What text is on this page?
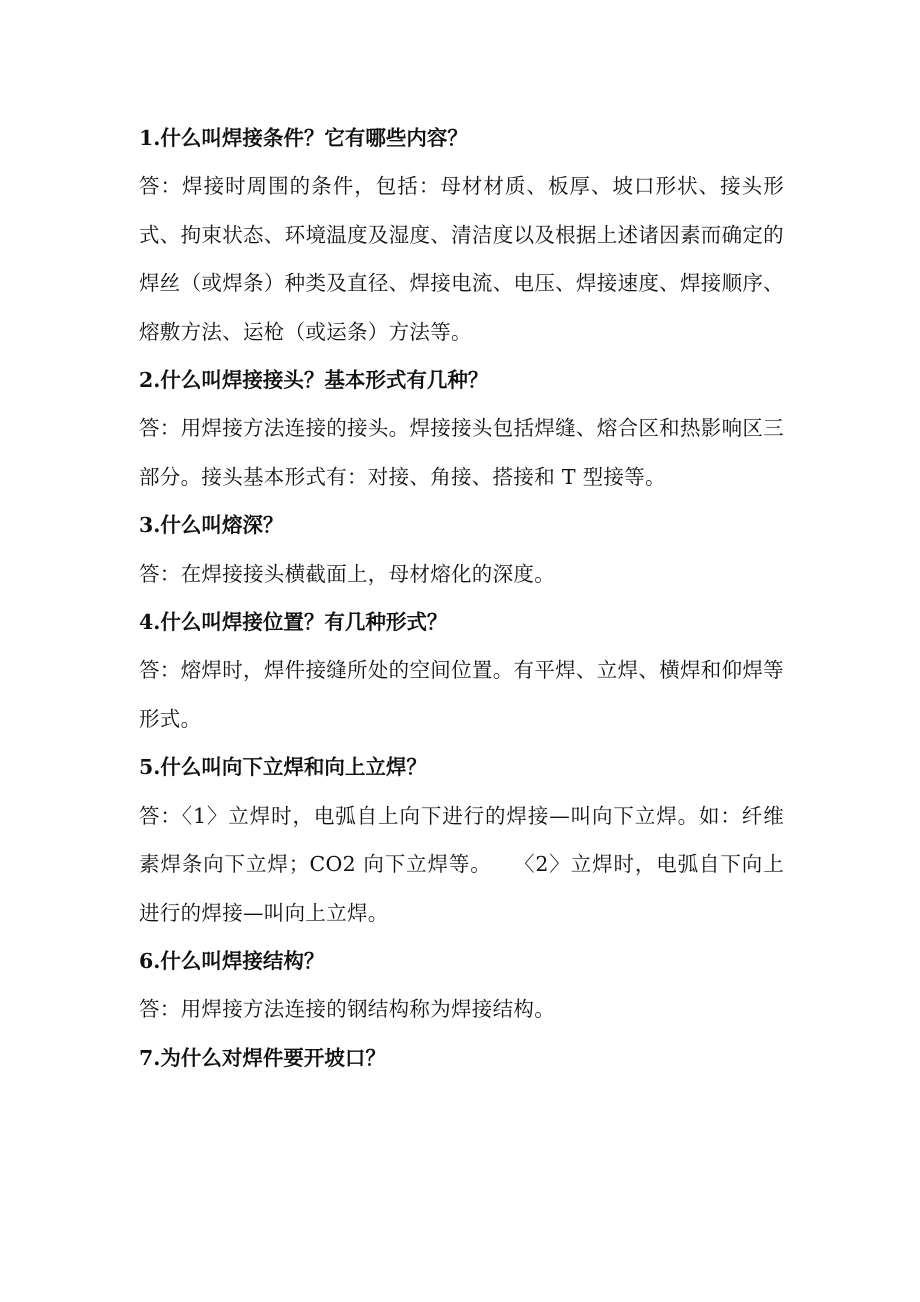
1.什么叫焊接条件？它有哪些内容？

答：焊接时周围的条件，包括：母材材质、板厚、坡口形状、接头形式、拘束状态、环境温度及湿度、清洁度以及根据上述诸因素而确定的焊丝（或焊条）种类及直径、焊接电流、电压、焊接速度、焊接顺序、熔敷方法、运枪（或运条）方法等。

2.什么叫焊接接头？基本形式有几种？

答：用焊接方法连接的接头。焊接接头包括焊缝、熔合区和热影响区三部分。接头基本形式有：对接、角接、搭接和 T 型接等。

3.什么叫熔深？

答：在焊接接头横截面上，母材熔化的深度。

4.什么叫焊接位置？有几种形式？

答：熔焊时，焊件接缝所处的空间位置。有平焊、立焊、横焊和仰焊等形式。

5.什么叫向下立焊和向上立焊？

答：〈1〉立焊时，电弧自上向下进行的焊接—叫向下立焊。如：纤维素焊条向下立焊；CO2 向下立焊等。　　〈2〉立焊时，电弧自下向上进行的焊接—叫向上立焊。

6.什么叫焊接结构？

答：用焊接方法连接的钢结构称为焊接结构。

7.为什么对焊件要开坡口？
